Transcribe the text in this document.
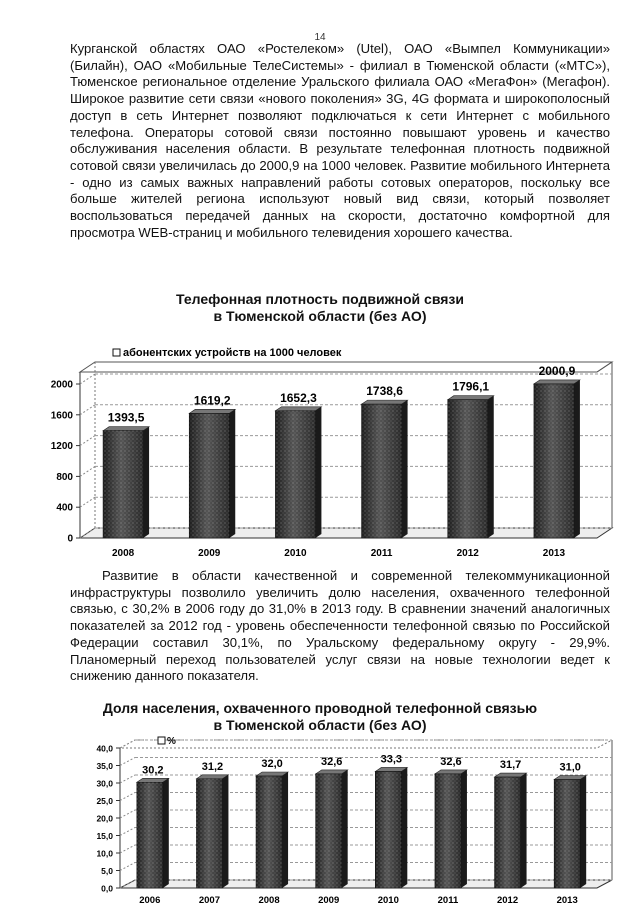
14

Курганской областях ОАО «Ростелеком» (Utel), ОАО «Вымпел Коммуникации» (Билайн), ОАО «Мобильные ТелеСистемы» - филиал в Тюменской области («МТС»), Тюменское региональное отделение Уральского филиала ОАО «МегаФон» (Мегафон). Широкое развитие сети связи «нового поколения» 3G, 4G формата и широкополосный доступ в сеть Интернет позволяют подключаться к сети Интернет с мобильного телефона. Операторы сотовой связи постоянно повышают уровень и качество обслуживания населения области. В результате телефонная плотность подвижной сотовой связи увеличилась до 2000,9 на 1000 человек. Развитие мобильного Интернета - одно из самых важных направлений работы сотовых операторов, поскольку все больше жителей региона используют новый вид связи, который позволяет воспользоваться передачей данных на скорости, достаточно комфортной для просмотра WEB-страниц и мобильного телевидения хорошего качества.

Телефонная плотность подвижной связи
в Тюменской области (без АО)
абонентских устройств на 1000 человек
0
400
800
1200
1600
2000
1393,5
1619,2	1652,3	1738,6	1796,1
2000,9
2008	2009	2010	2011	2012	2013

Развитие в области качественной и современной телекоммуникационной инфраструктуры позволило увеличить долю населения, охваченного телефонной связью, с 30,2% в 2006 году до 31,0% в 2013 году. В сравнении значений аналогичных показателей за 2012 год - уровень обеспеченности телефонной связью по Российской Федерации составил 30,1%, по Уральскому федеральному округу - 29,9%. Планомерный переход пользователей услуг связи на новые технологии ведет к снижению данного показателя.

Доля населения, охваченного проводной телефонной связью
в Тюменской области (без АО)
%
0,0
5,0
10,0
15,0
20,0
25,0
30,0
35,0
40,0
30,2	31,2	32,0	32,6	33,3	32,6	31,7	31,0
2006	2007	2008	2009	2010	2011	2012	2013
